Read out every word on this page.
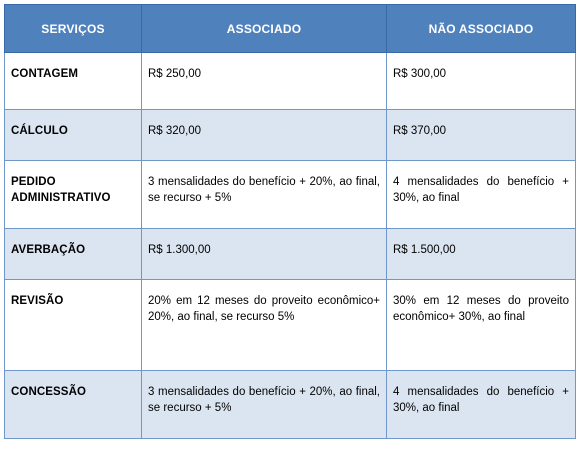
SERVIÇOS	ASSOCIADO	NÃO ASSOCIADO
CONTAGEM	R$ 250,00	R$ 300,00
CÁLCULO	R$ 320,00	R$ 370,00
PEDIDO ADMINISTRATIVO	3 mensalidades do benefício + 20%, ao final, se recurso + 5%	4 mensalidades do benefício + 30%, ao final
AVERBAÇÃO	R$ 1.300,00	R$ 1.500,00
REVISÃO	20% em 12 meses do proveito econômico+ 20%, ao final, se recurso 5%	30% em 12 meses do proveito econômico+ 30%, ao final
CONCESSÃO	3 mensalidades do benefício + 20%, ao final, se recurso + 5%	4 mensalidades do benefício + 30%, ao final
